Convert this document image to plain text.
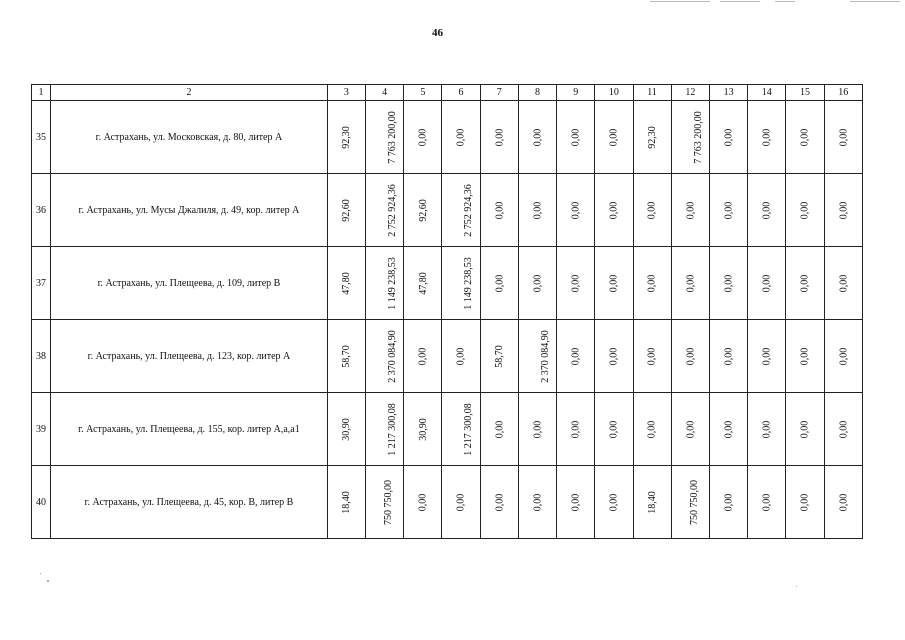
46
1	2	3	4	5	6	7	8	9	10	11	12	13	14	15	16
35	г. Астрахань, ул. Московская, д. 80, литер А	92,30	7 763 200,00	0,00	0,00	0,00	0,00	0,00	0,00	92,30	7 763 200,00	0,00	0,00	0,00	0,00
36	г. Астрахань, ул. Мусы Джалиля, д. 49, кор. литер А	92,60	2 752 924,36	92,60	2 752 924,36	0,00	0,00	0,00	0,00	0,00	0,00	0,00	0,00	0,00	0,00
37	г. Астрахань, ул. Плещеева, д. 109, литер В	47,80	1 149 238,53	47,80	1 149 238,53	0,00	0,00	0,00	0,00	0,00	0,00	0,00	0,00	0,00	0,00
38	г. Астрахань, ул. Плещеева, д. 123, кор. литер А	58,70	2 370 084,90	0,00	0,00	58,70	2 370 084,90	0,00	0,00	0,00	0,00	0,00	0,00	0,00	0,00
39	г. Астрахань, ул. Плещеева, д. 155, кор. литер А,а,а1	30,90	1 217 300,08	30,90	1 217 300,08	0,00	0,00	0,00	0,00	0,00	0,00	0,00	0,00	0,00	0,00
40	г. Астрахань, ул. Плещеева, д. 45, кор. В, литер В	18,40	750 750,00	0,00	0,00	0,00	0,00	0,00	0,00	18,40	750 750,00	0,00	0,00	0,00	0,00
